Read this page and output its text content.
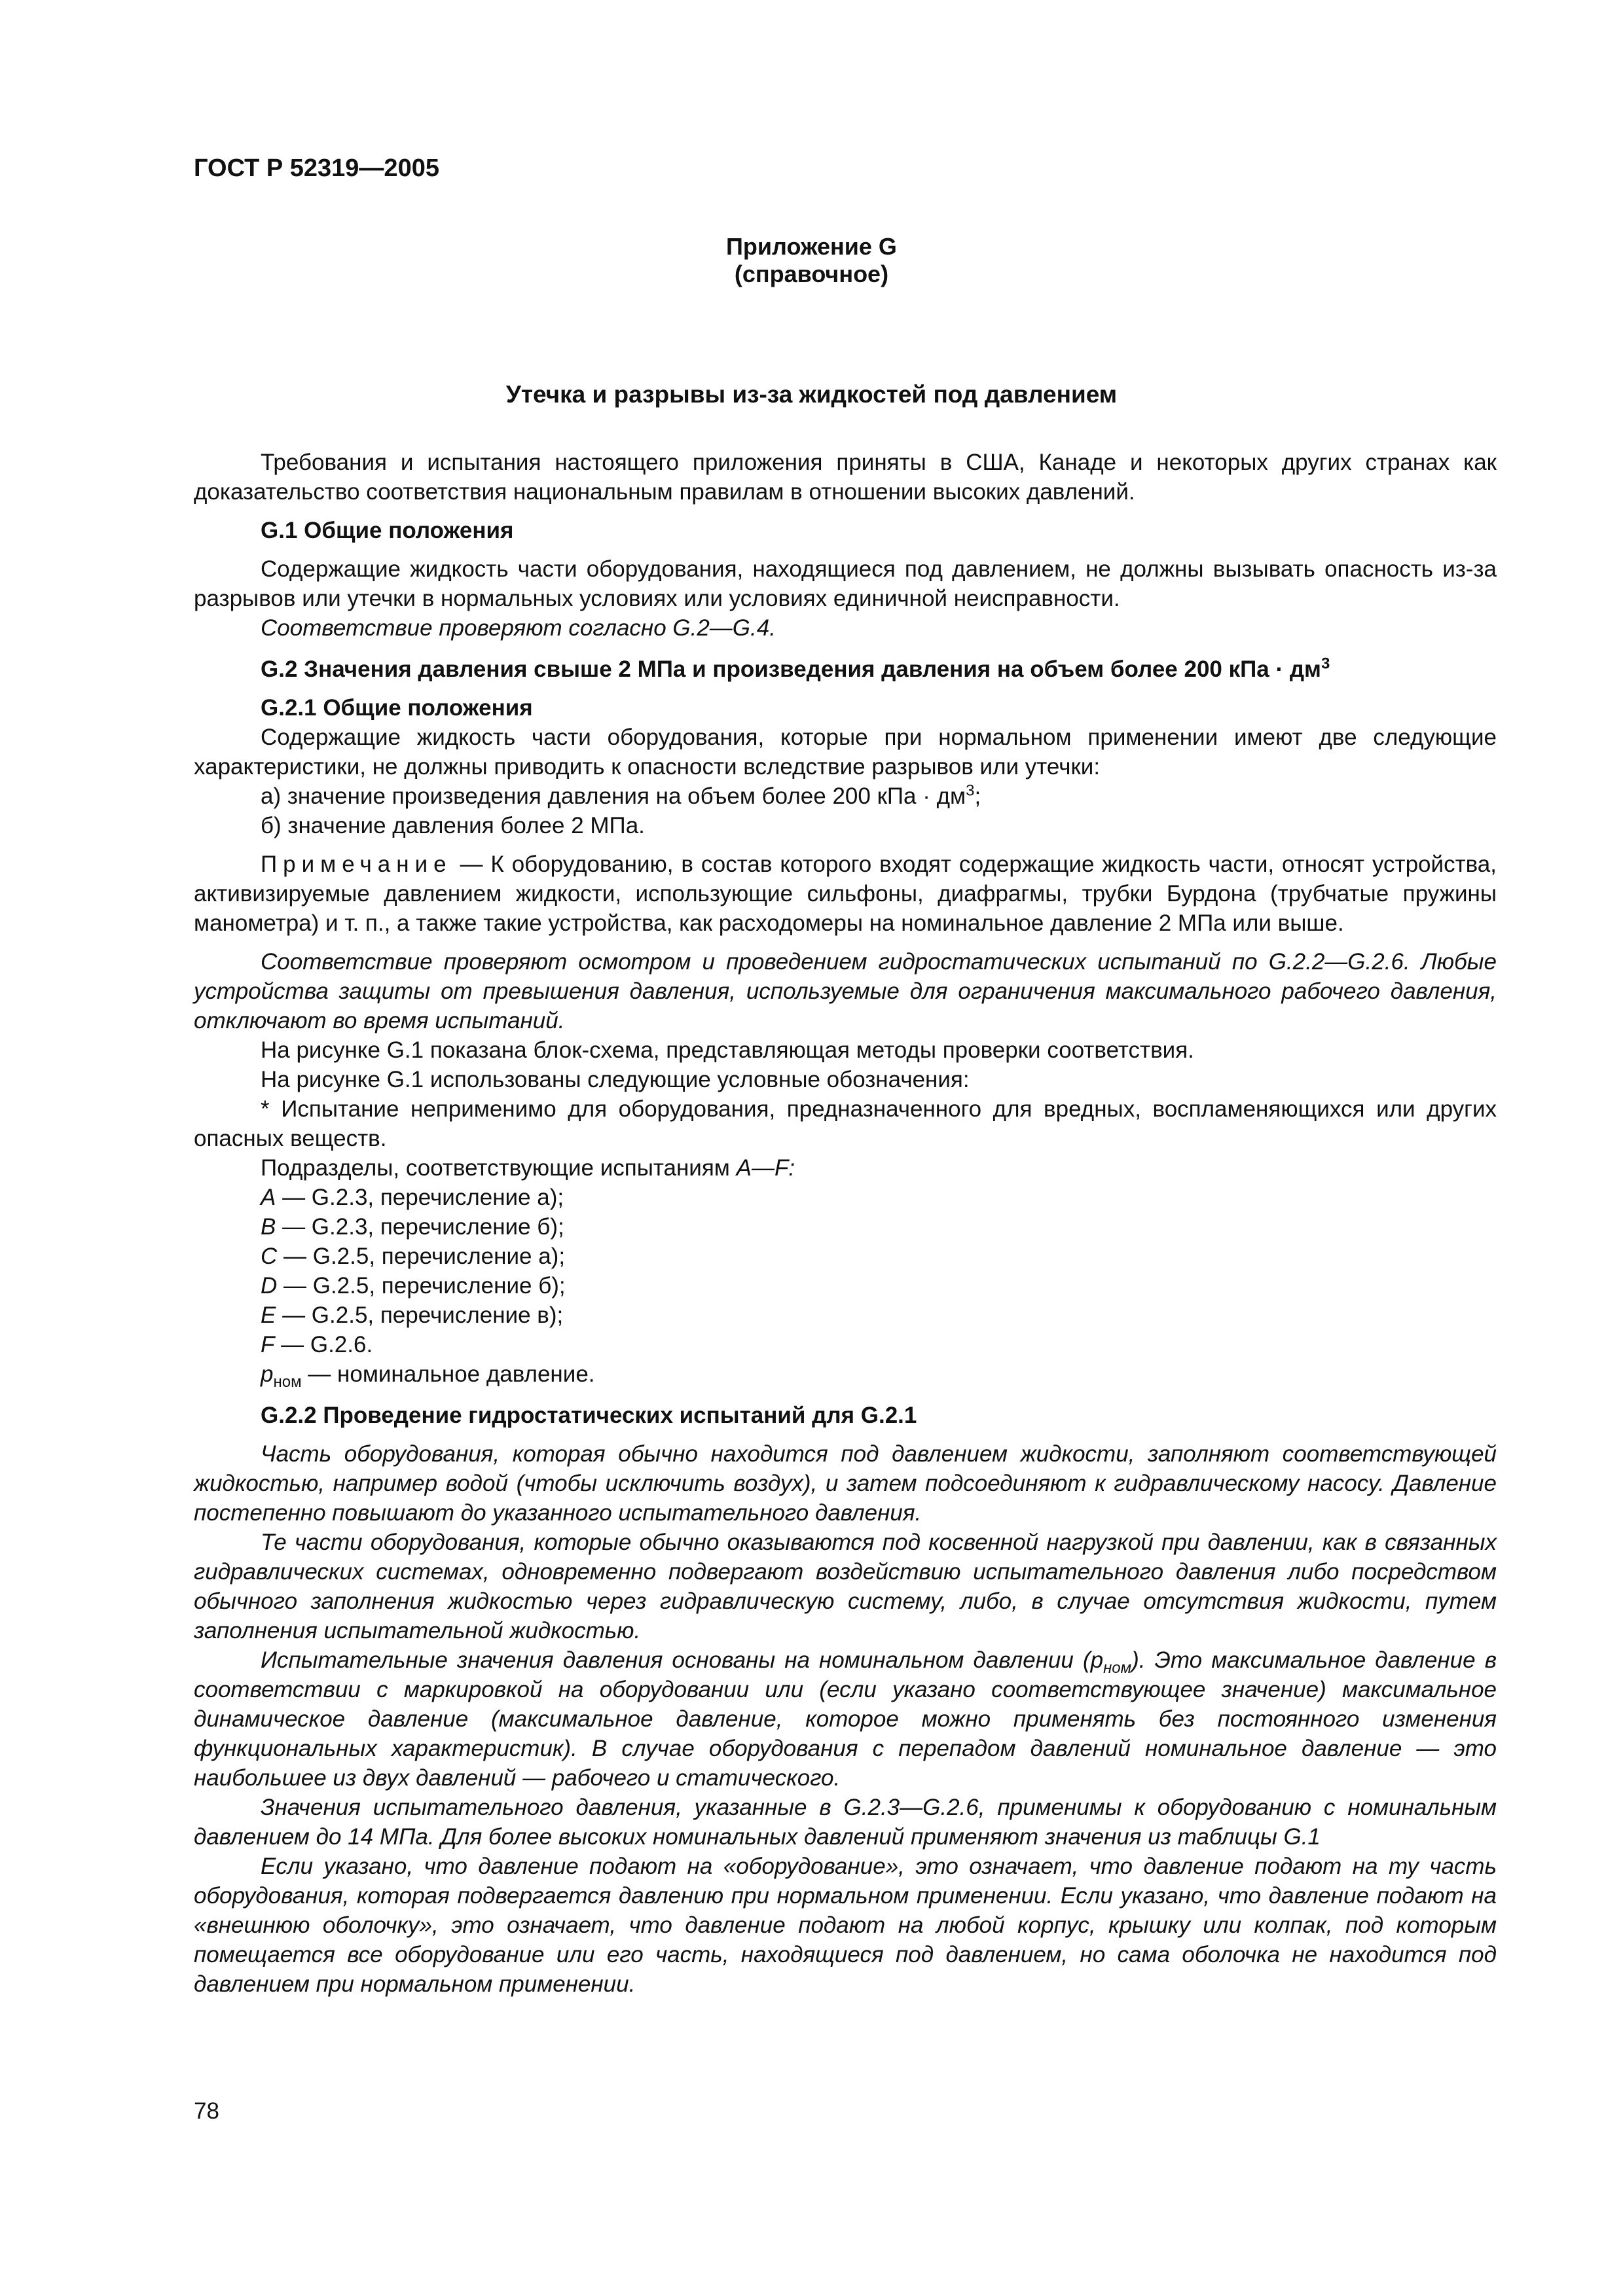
ГОСТ Р 52319—2005
Приложение G
(справочное)
Утечка и разрывы из-за жидкостей под давлением

Требования и испытания настоящего приложения приняты в США, Канаде и некоторых других странах как доказательство соответствия национальным правилам в отношении высоких давлений.

G.1 Общие положения

Содержащие жидкость части оборудования, находящиеся под давлением, не должны вызывать опасность из-за разрывов или утечки в нормальных условиях или условиях единичной неисправности.

Соответствие проверяют согласно G.2—G.4.

G.2 Значения давления свыше 2 МПа и произведения давления на объем более 200 кПа · $дм^3$

G.2.1 Общие положения

Содержащие жидкость части оборудования, которые при нормальном применении имеют две следующие характеристики, не должны приводить к опасности вследствие разрывов или утечки:

а) значение произведения давления на объем более 200 кПа · $дм^3$;

б) значение давления более 2 МПа.

Примечание — К оборудованию, в состав которого входят содержащие жидкость части, относят устройства, активизируемые давлением жидкости, использующие сильфоны, диафрагмы, трубки Бурдона (трубчатые пружины манометра) и т. п., а также такие устройства, как расходомеры на номинальное давление 2 МПа или выше.

Соответствие проверяют осмотром и проведением гидростатических испытаний по G.2.2—G.2.6. Любые устройства защиты от превышения давления, используемые для ограничения максимального рабочего давления, отключают во время испытаний.

На рисунке G.1 показана блок-схема, представляющая методы проверки соответствия.

На рисунке G.1 использованы следующие условные обозначения:

* Испытание неприменимо для оборудования, предназначенного для вредных, воспламеняющихся или других опасных веществ.

Подразделы, соответствующие испытаниям A—F:

A — G.2.3, перечисление а);

B — G.2.3, перечисление б);

C — G.2.5, перечисление а);

D — G.2.5, перечисление б);

E — G.2.5, перечисление в);

F — G.2.6.

$p_{ном}$ — номинальное давление.

G.2.2 Проведение гидростатических испытаний для G.2.1

Часть оборудования, которая обычно находится под давлением жидкости, заполняют соответствующей жидкостью, например водой (чтобы исключить воздух), и затем подсоединяют к гидравлическому насосу. Давление постепенно повышают до указанного испытательного давления.

Те части оборудования, которые обычно оказываются под косвенной нагрузкой при давлении, как в связанных гидравлических системах, одновременно подвергают воздействию испытательного давления либо посредством обычного заполнения жидкостью через гидравлическую систему, либо, в случае отсутствия жидкости, путем заполнения испытательной жидкостью.

Испытательные значения давления основаны на номинальном давлении $(p_{ном})$. Это максимальное давление в соответствии с маркировкой на оборудовании или (если указано соответствующее значение) максимальное динамическое давление (максимальное давление, которое можно применять без постоянного изменения функциональных характеристик). В случае оборудования с перепадом давлений номинальное давление — это наибольшее из двух давлений — рабочего и статического.

Значения испытательного давления, указанные в G.2.3—G.2.6, применимы к оборудованию с номинальным давлением до 14 МПа. Для более высоких номинальных давлений применяют значения из таблицы G.1

Если указано, что давление подают на «оборудование», это означает, что давление подают на ту часть оборудования, которая подвергается давлению при нормальном применении. Если указано, что давление подают на «внешнюю оболочку», это означает, что давление подают на любой корпус, крышку или колпак, под которым помещается все оборудование или его часть, находящиеся под давлением, но сама оболочка не находится под давлением при нормальном применении.

78
